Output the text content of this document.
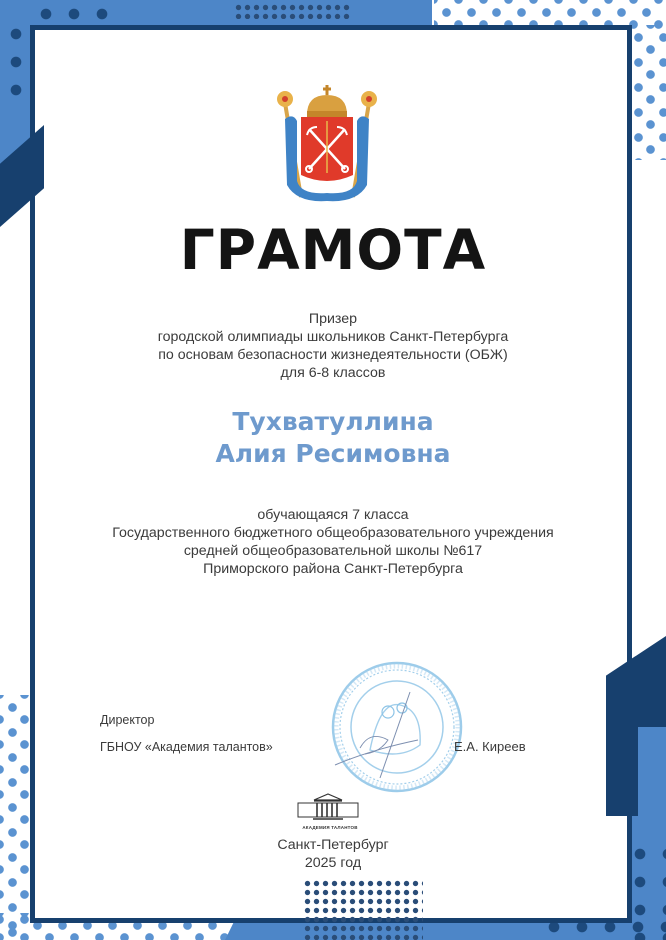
ГРАМОТА
Призер
городской олимпиады школьников Санкт-Петербурга
по основам безопасности жизнедеятельности (ОБЖ)
для 6-8 классов
Тухватуллина
Алия Ресимовна
обучающаяся 7 класса
Государственного бюджетного общеобразовательного учреждения
средней общеобразовательной школы №617
Приморского района Санкт-Петербурга
Директор
ГБНОУ «Академия талантов»	Е.А. Киреев
АКАДЕМИЯ ТАЛАНТОВ
Санкт-Петербург
2025 год
